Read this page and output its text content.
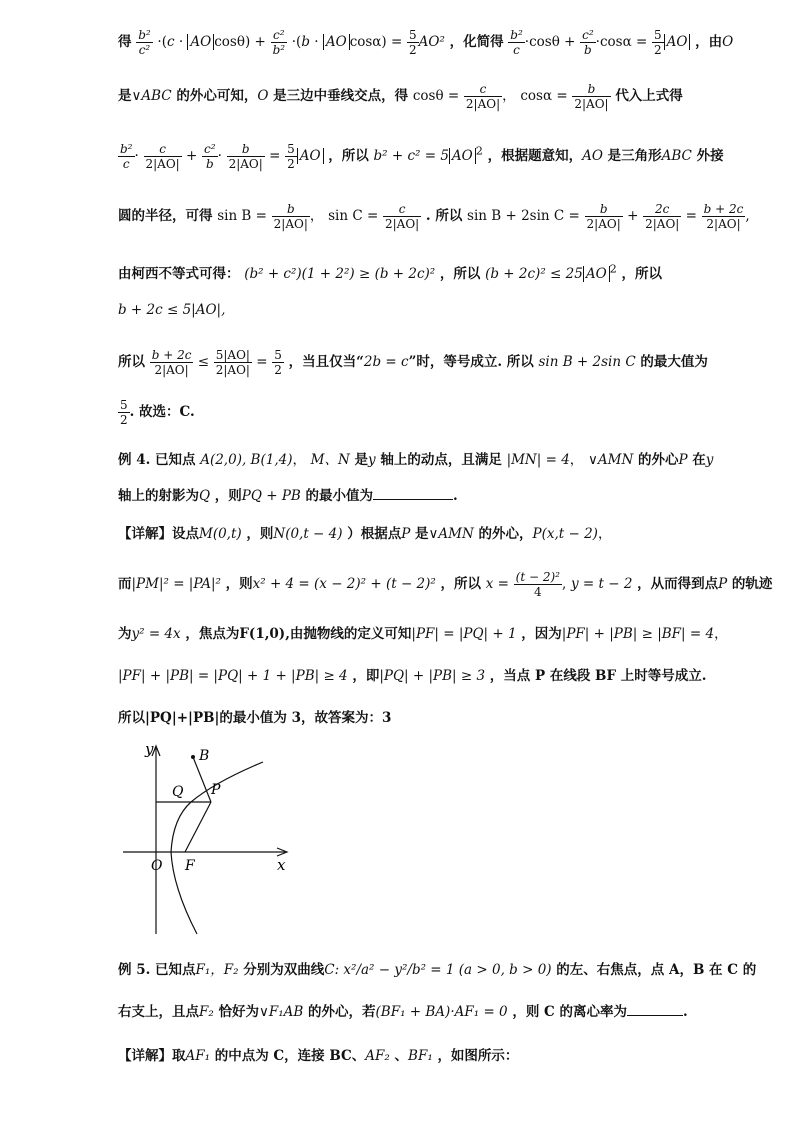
得 $\frac{\text{b²}}{\text{c²}} \cdot(c$ · AO $\cos\theta) + \frac{\text{c²}}{\text{b²}} \cdot(b$ · AO $\cos\alpha) = \frac{5}{2} AO^2$ ，化简得 $\frac{\text{b²}}{c} \cdot\cos\theta + \frac{\text{c²}}{b} \cdot\cos\alpha = \frac{5}{2}$ AO ，由O
是∨ABC 的外心可知，O 是三边中垂线交点，得 $\cos\theta = \frac{c}{2|AO|}$ ， $\cos\alpha = \frac{b}{2|AO|}$ 代入上式得
$\frac{\text{b²}}{c} \cdot \frac{c}{2|AO|} + \frac{\text{c²}}{b} \cdot \frac{b}{2|AO|} = \frac{5}{2}$ AO ，所以 b² + c² = 5 AO $^2$ ，根据题意知，AO 是三角形ABC 外接
圆的半径，可得 $\sin B = \frac{b}{2|AO|}$ ， $\sin C = \frac{c}{2|AO|}$ . 所以 sin B + 2sin $C = \frac{b}{2|AO|} + \frac{2c}{2|AO|} = \frac{b + 2c}{2|AO|}$ ,
由柯西不等式可得： (b² + c²)(1 + 2²) ≥ (b + 2c)² ，所以 (b + 2c)² ≤ 25 AO $^2$ ，所以
b + 2c ≤ 5|AO|,
所以 $\frac{b + 2c}{2|AO|} \le \frac{5|AO|}{2|AO|} = \frac{5}{2}$ ，当且仅当“2b = c”时，等号成立. 所以 sin B + 2sin C 的最大值为
$\frac{5}{2}$ . 故选：C.
例 4. 已知点 A(2,0), B(1,4)， M、N 是y 轴上的动点，且满足 |MN| = 4， ∨AMN 的外心P 在y
轴上的射影为Q ，则PQ + PB 的最小值为	.
【详解】设点M(0,t) ，则N(0,t − 4) ）根据点P 是∨AMN 的外心，P(x,t − 2)，
而|PM|² = |PA|² ，则x² + 4 = (x − 2)² + (t − 2)² ，所以 $x = \frac{\text{(t − 2)²}}{4}$ , y = t − 2 ，从而得到点P 的轨迹
为y² = 4x ，焦点为F(1,0),由抛物线的定义可知|PF| = |PQ| + 1 ，因为|PF| + |PB| ≥ |BF| = 4，
|PF| + |PB| = |PQ| + 1 + |PB| ≥ 4 ，即|PQ| + |PB| ≥ 3 ，当点 P 在线段 BF 上时等号成立.
所以|PQ|+|PB|的最小值为 3，故答案为：3
y	B
Q P
O F	x
例 5. 已知点F₁，F₂ 分别为双曲线C: x²/a² − y²/b² = 1 (a > 0, b > 0) 的左、右焦点，点 A，B 在 C 的
右支上，且点F₂ 恰好为∨F₁AB 的外心，若(BF₁ + BA)·AF₁ = 0 ，则 C 的离心率为	.
【详解】取AF₁ 的中点为 C，连接 BC、AF₂ 、BF₁ ，如图所示：
